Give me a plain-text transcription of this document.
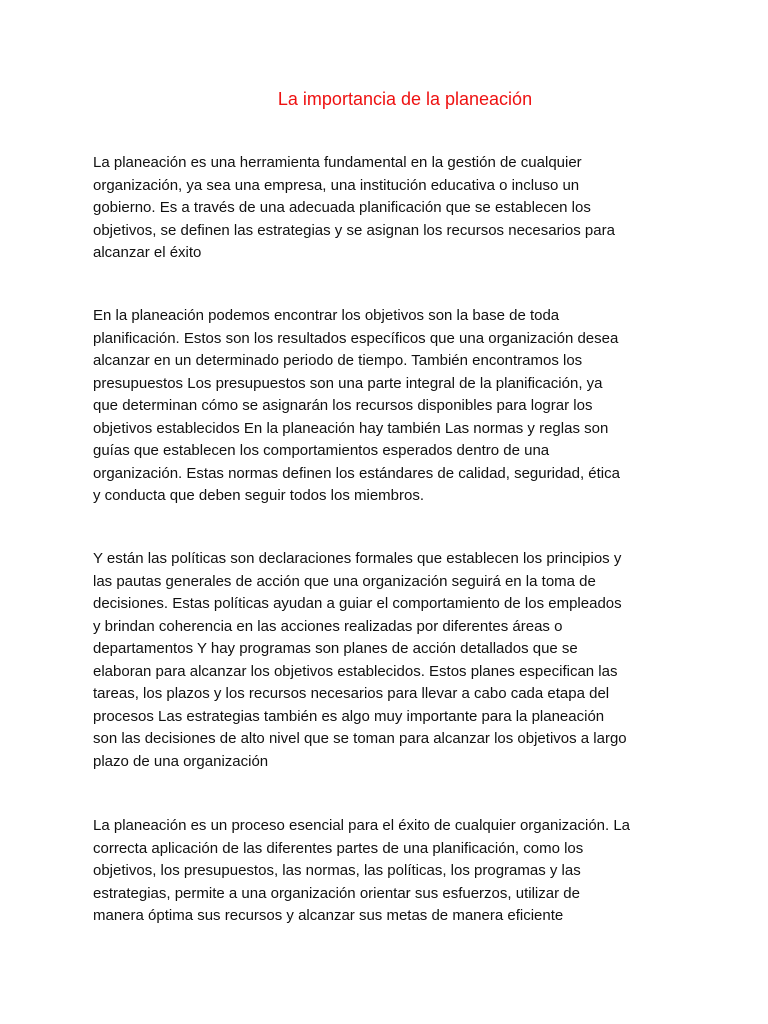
La importancia de la planeación

La planeación es una herramienta fundamental en la gestión de cualquier
organización, ya sea una empresa, una institución educativa o incluso un
gobierno. Es a través de una adecuada planificación que se establecen los
objetivos, se definen las estrategias y se asignan los recursos necesarios para
alcanzar el éxito

En la planeación podemos encontrar los objetivos son la base de toda
planificación. Estos son los resultados específicos que una organización desea
alcanzar en un determinado periodo de tiempo. También encontramos los
presupuestos Los presupuestos son una parte integral de la planificación, ya
que determinan cómo se asignarán los recursos disponibles para lograr los
objetivos establecidos En la planeación hay también Las normas y reglas son
guías que establecen los comportamientos esperados dentro de una
organización. Estas normas definen los estándares de calidad, seguridad, ética
y conducta que deben seguir todos los miembros.

Y están las políticas son declaraciones formales que establecen los principios y
las pautas generales de acción que una organización seguirá en la toma de
decisiones. Estas políticas ayudan a guiar el comportamiento de los empleados
y brindan coherencia en las acciones realizadas por diferentes áreas o
departamentos Y hay programas son planes de acción detallados que se
elaboran para alcanzar los objetivos establecidos. Estos planes especifican las
tareas, los plazos y los recursos necesarios para llevar a cabo cada etapa del
procesos Las estrategias también es algo muy importante para la planeación
son las decisiones de alto nivel que se toman para alcanzar los objetivos a largo
plazo de una organización

La planeación es un proceso esencial para el éxito de cualquier organización. La
correcta aplicación de las diferentes partes de una planificación, como los
objetivos, los presupuestos, las normas, las políticas, los programas y las
estrategias, permite a una organización orientar sus esfuerzos, utilizar de
manera óptima sus recursos y alcanzar sus metas de manera eficiente
